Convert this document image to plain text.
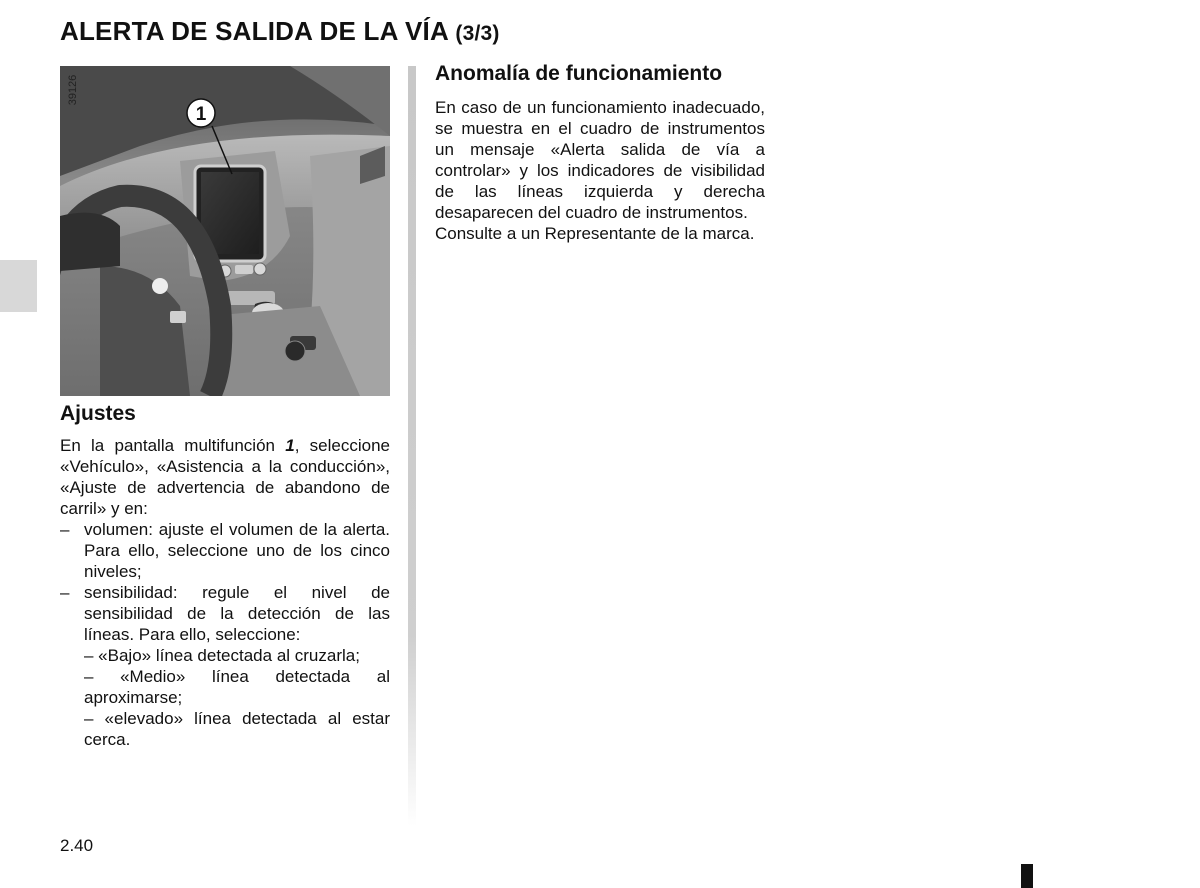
ALERTA DE SALIDA DE LA VÍA (3/3)
1
39126
Ajustes

En la pantalla multifunción 1, seleccione «Vehículo», «Asistencia a la conducción», «Ajuste de advertencia de abandono de carril» y en:

– volumen: ajuste el volumen de la alerta. Para ello, seleccione uno de los cinco niveles;
– sensibilidad: regule el nivel de sensibilidad de la detección de las líneas. Para ello, seleccione:
– «Bajo» línea detectada al cruzarla;
– «Medio» línea detectada al aproximarse;
– «elevado» línea detectada al estar cerca.
Anomalía de funcionamiento

En caso de un funcionamiento inadecuado, se muestra en el cuadro de instrumentos un mensaje «Alerta salida de vía a controlar» y los indicadores de visibilidad de las líneas izquierda y derecha desaparecen del cuadro de instrumentos.

Consulte a un Representante de la marca.

2.40
